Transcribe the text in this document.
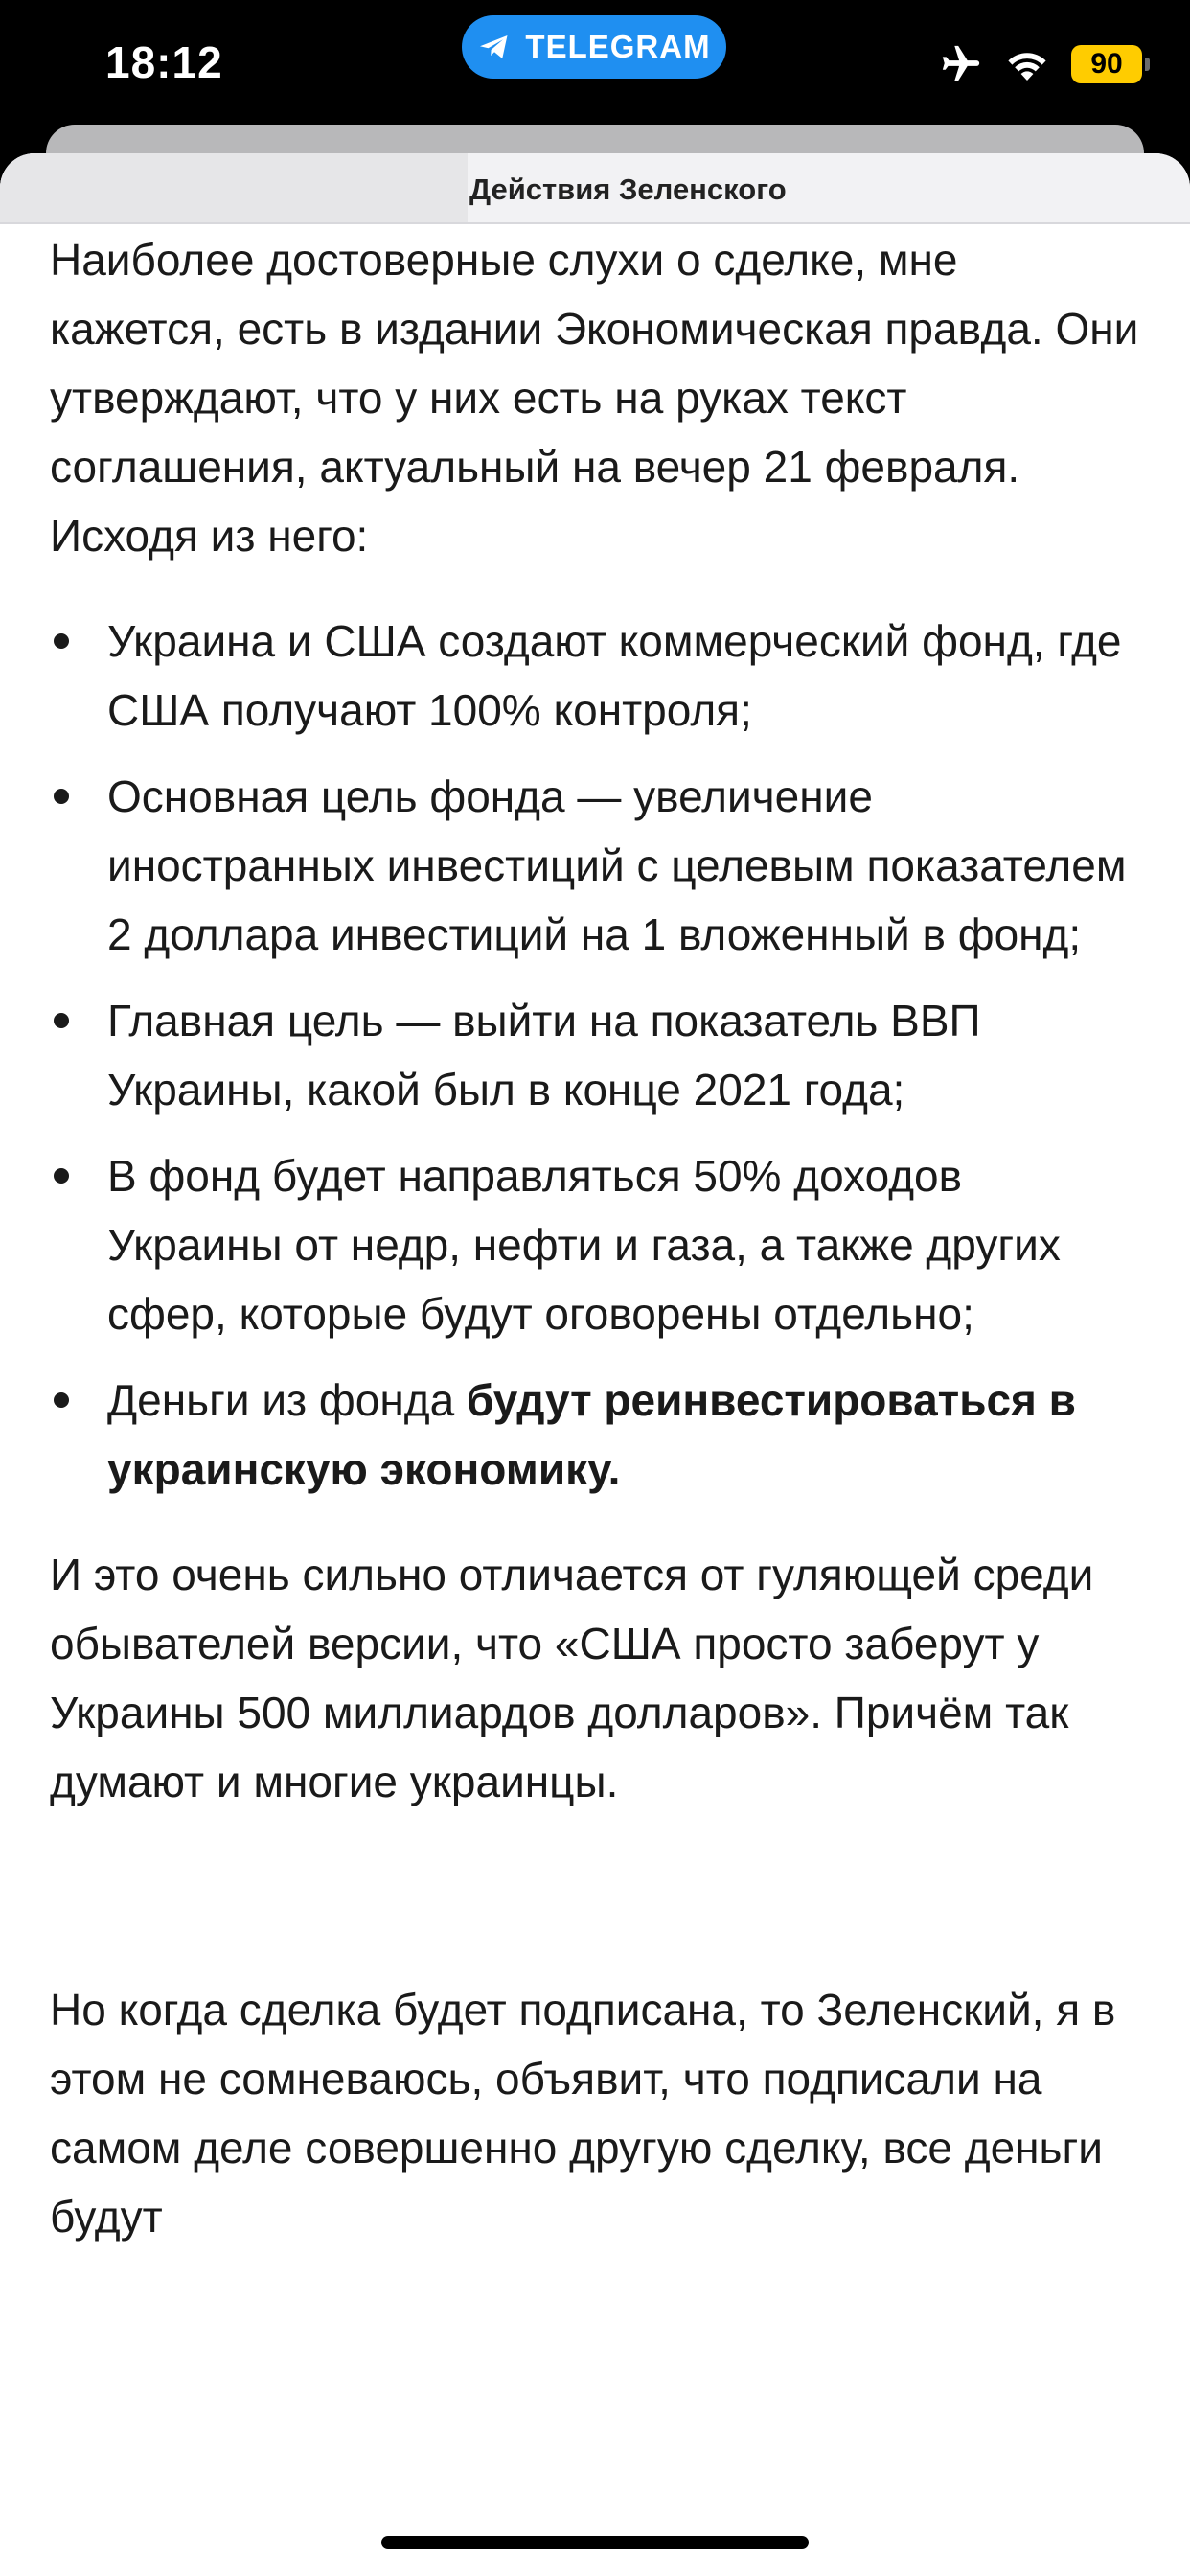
18:12	TELEGRAM	90
Действия Зеленского

Наиболее достоверные слухи о сделке, мне кажется, есть в издании Экономическая правда. Они утверждают, что у них есть на руках текст соглашения, актуальный на вечер 21 февраля. Исходя из него:

Украина и США создают коммерческий фонд, где США получают 100% контроля;
Основная цель фонда — увеличение иностранных инвестиций с целевым показателем 2 доллара инвестиций на 1 вложенный в фонд;
Главная цель — выйти на показатель ВВП Украины, какой был в конце 2021 года;
В фонд будет направляться 50% доходов Украины от недр, нефти и газа, а также других сфер, которые будут оговорены отдельно;
Деньги из фонда будут реинвестироваться в украинскую экономику.

И это очень сильно отличается от гуляющей среди обывателей версии, что «США просто заберут у Украины 500 миллиардов долларов». Причём так думают и многие украинцы.

Но когда сделка будет подписана, то Зеленский, я в этом не сомневаюсь, объявит, что подписали на самом деле совершенно другую сделку, все деньги будут
